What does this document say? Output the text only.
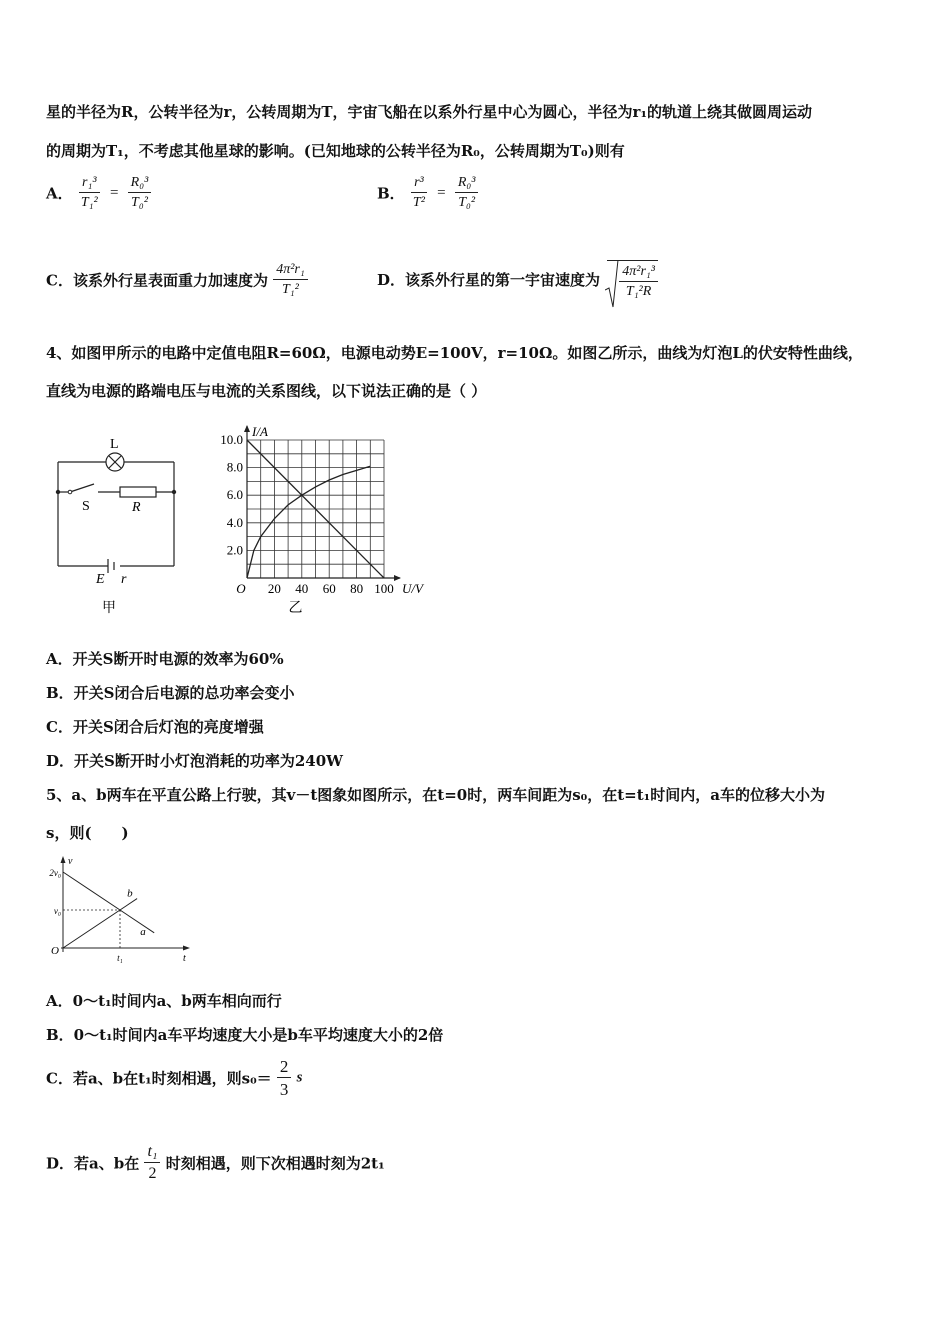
星的半径为R，公转半径为r，公转周期为T，宇宙飞船在以系外行星中心为圆心，半径为r₁的轨道上绕其做圆周运动
的周期为T₁，不考虑其他星球的影响。(已知地球的公转半径为R₀，公转周期为T₀)则有
A． $\frac{\text{r₁³}}{\text{T₁²}} = \frac{\text{R₀³}}{\text{T₀²}}$	B． $\frac{\text{r³}}{\text{T²}} = \frac{\text{R₀³}}{\text{T₀²}}$
C．该系外行星表面重力加速度为 $\frac{\text{4π²r₁}}{\text{T₁²}}$	D．该系外行星的第一宇宙速度为 $\frac{\text{4π²r₁³}}{\text{T₁²R}}$
4、如图甲所示的电路中定值电阻R=60Ω，电源电动势E=100V，r=10Ω。如图乙所示，曲线为灯泡L的伏安特性曲线，
直线为电源的路端电压与电流的关系图线，以下说法正确的是（ ）
L
S	R
E r
甲
2.0
4.0
6.0
8.0
10.0
20 40 60 80 100
O
I/A
U/V
乙
A．开关S断开时电源的效率为60%
B．开关S闭合后电源的总功率会变小
C．开关S闭合后灯泡的亮度增强
D．开关S断开时小灯泡消耗的功率为240W
5、a、b两车在平直公路上行驶，其v－t图象如图所示，在t=0时，两车间距为s₀，在t=t₁时间内，a车的位移大小为
s，则(　　)
v
t
O
2v₀
v₀
t₁
a
b
A．0～t₁时间内a、b两车相向而行
B．0～t₁时间内a车平均速度大小是b车平均速度大小的2倍
C．若a、b在t₁时刻相遇，则$s_0= \frac{2}{3}$ s
D．若a、b在 $\frac{\text{t₁}}{2}$ 时刻相遇，则下次相遇时刻为2t₁
